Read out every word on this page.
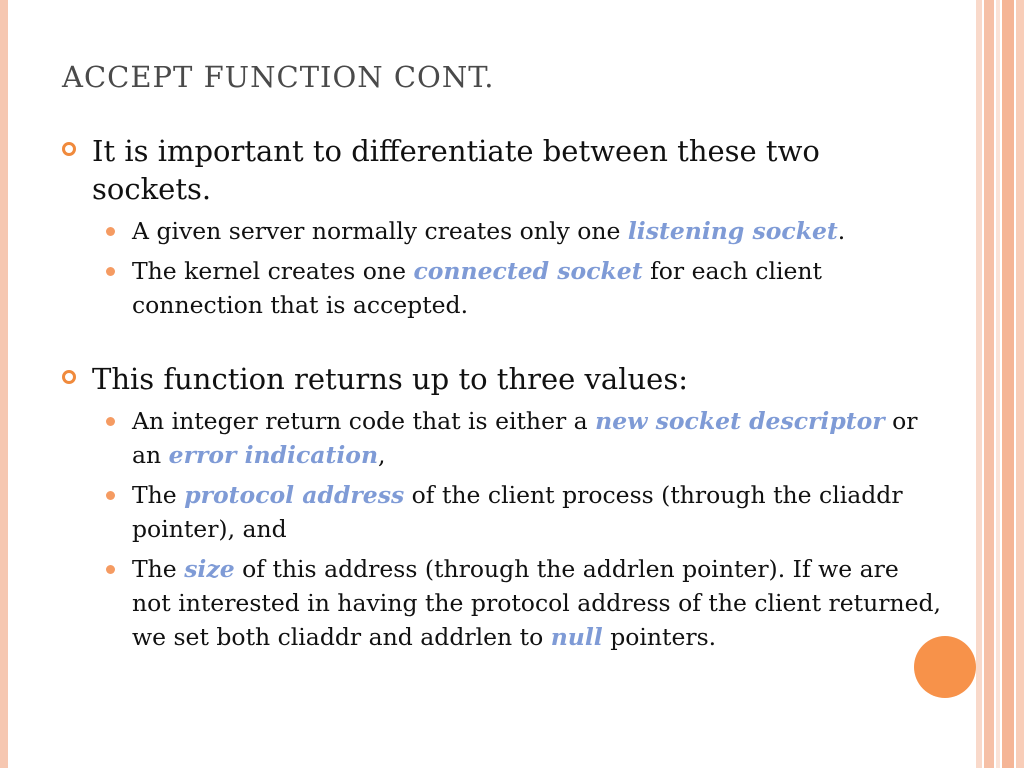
ACCEPT FUNCTION CONT.
It is important to differentiate between these two sockets.
A given server normally creates only one listening socket.
The kernel creates one connected socket for each client connection that is accepted.
This function returns up to three values:
An integer return code that is either a new socket descriptor or an error indication,
The protocol address of the client process (through the cliaddr pointer), and
The size of this address (through the addrlen pointer). If we are not interested in having the protocol address of the client returned, we set both cliaddr and addrlen to null pointers.
